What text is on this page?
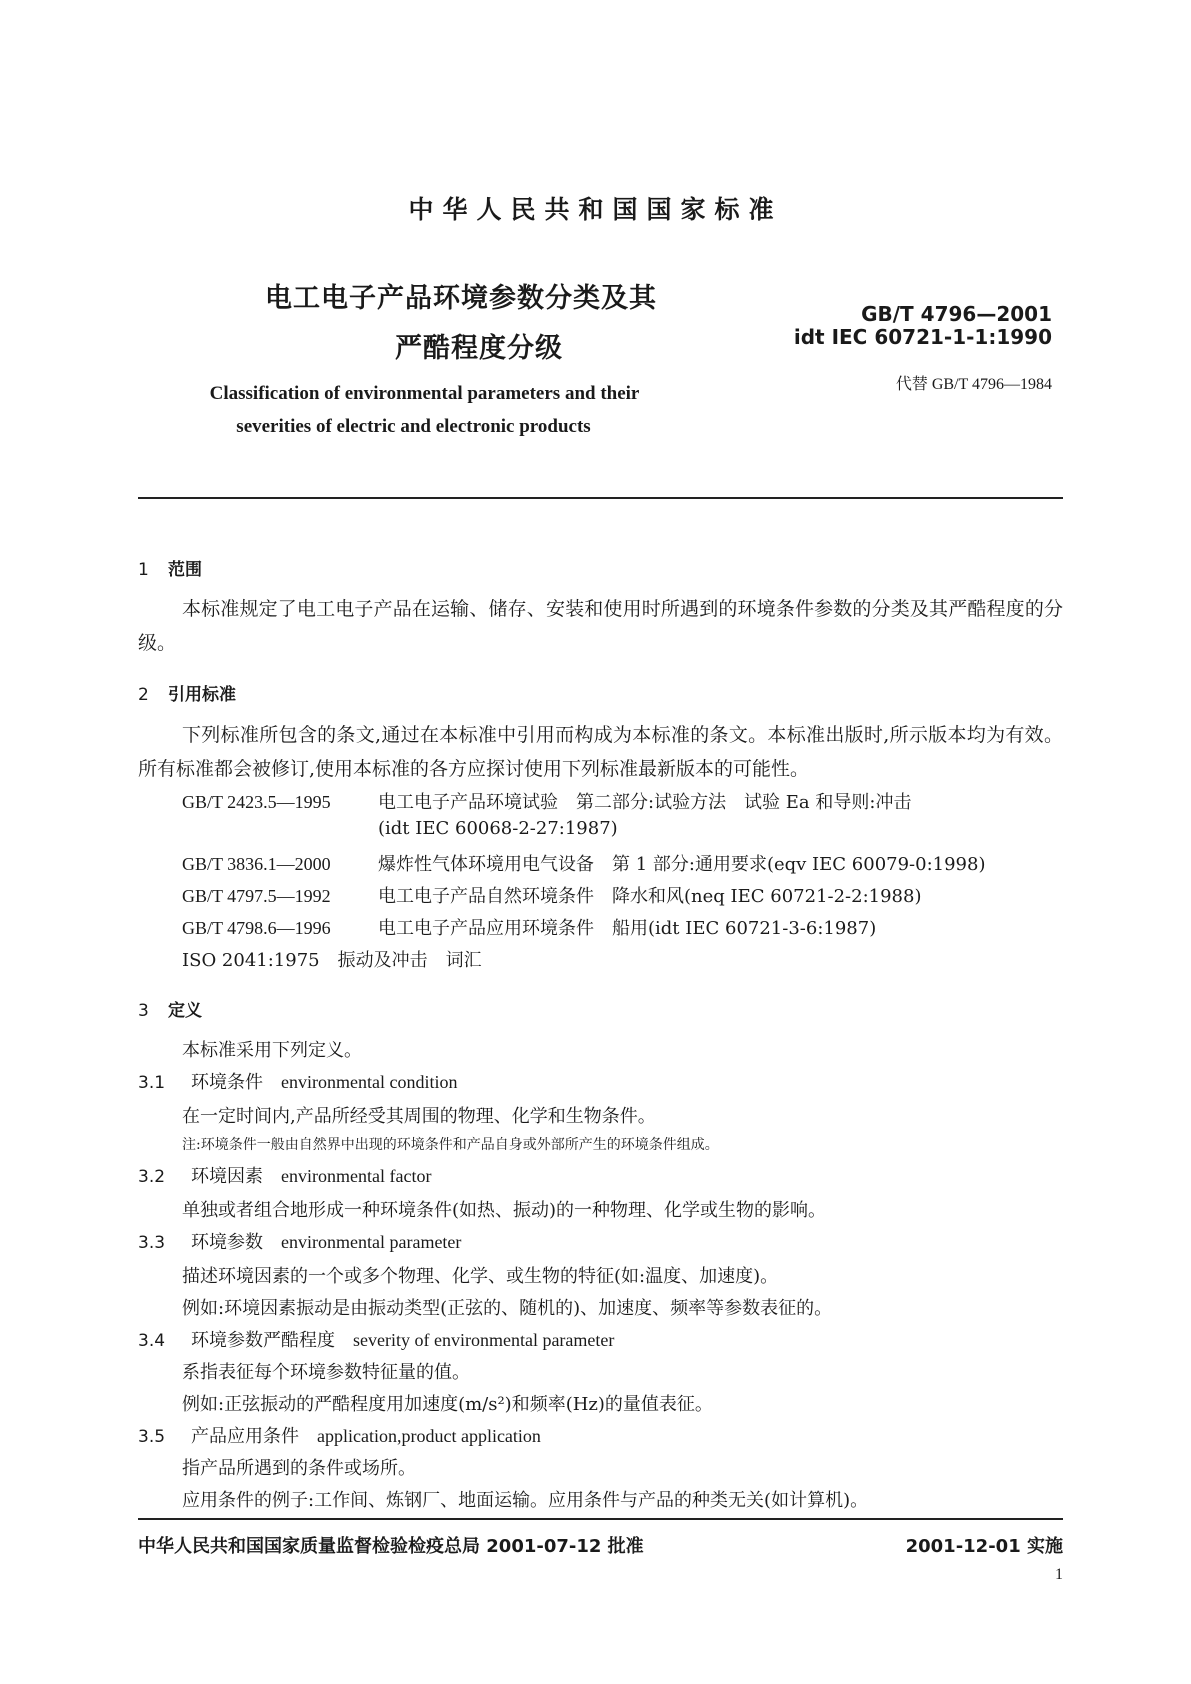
中华人民共和国国家标准
电工电子产品环境参数分类及其
严酷程度分级
GB/T 4796—2001
idt IEC 60721-1-1:1990
代替 GB/T 4796—1984
Classification of environmental parameters and their
severities of electric and electronic products
1 范围
本标准规定了电工电子产品在运输、储存、安装和使用时所遇到的环境条件参数的分类及其严酷程度的分级。
2 引用标准
下列标准所包含的条文,通过在本标准中引用而构成为本标准的条文。本标准出版时,所示版本均为有效。所有标准都会被修订,使用本标准的各方应探讨使用下列标准最新版本的可能性。
GB/T 2423.5—1995	电工电子产品环境试验　第二部分:试验方法　试验 Ea 和导则:冲击
(idt IEC 60068-2-27:1987)
GB/T 3836.1—2000	爆炸性气体环境用电气设备　第 1 部分:通用要求(eqv IEC 60079-0:1998)
GB/T 4797.5—1992	电工电子产品自然环境条件　降水和风(neq IEC 60721-2-2:1988)
GB/T 4798.6—1996	电工电子产品应用环境条件　船用(idt IEC 60721-3-6:1987)
ISO 2041:1975　振动及冲击　词汇
3 定义
本标准采用下列定义。
3.1 环境条件 environmental condition
在一定时间内,产品所经受其周围的物理、化学和生物条件。
注:环境条件一般由自然界中出现的环境条件和产品自身或外部所产生的环境条件组成。
3.2 环境因素 environmental factor
单独或者组合地形成一种环境条件(如热、振动)的一种物理、化学或生物的影响。
3.3 环境参数 environmental parameter
描述环境因素的一个或多个物理、化学、或生物的特征(如:温度、加速度)。
例如:环境因素振动是由振动类型(正弦的、随机的)、加速度、频率等参数表征的。
3.4 环境参数严酷程度 severity of environmental parameter
系指表征每个环境参数特征量的值。
例如:正弦振动的严酷程度用加速度(m/s²)和频率(Hz)的量值表征。
3.5 产品应用条件 application,product application
指产品所遇到的条件或场所。
应用条件的例子:工作间、炼钢厂、地面运输。应用条件与产品的种类无关(如计算机)。
中华人民共和国国家质量监督检验检疫总局 2001-07-12 批准	2001-12-01 实施
1
